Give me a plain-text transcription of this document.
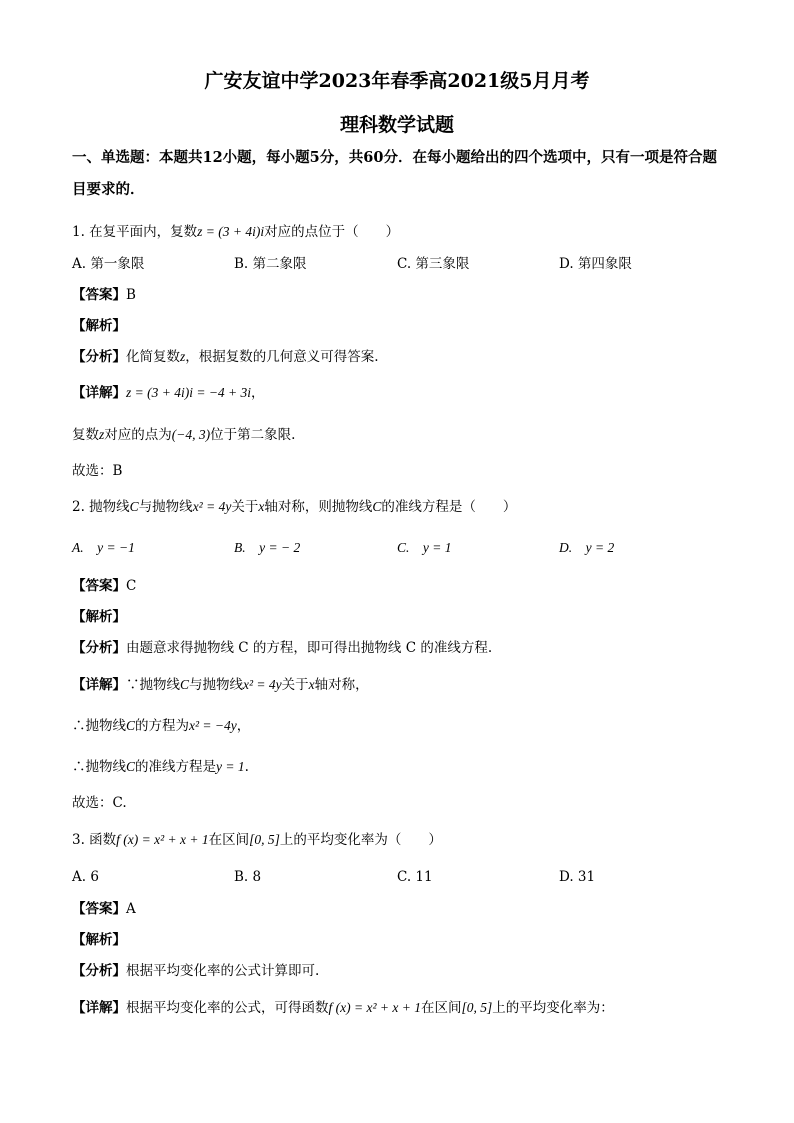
广安友谊中学2023年春季高2021级5月月考
理科数学试题
一、单选题：本题共12小题，每小题5分，共60分．在每小题给出的四个选项中，只有一项是符合题目要求的．
1. 在复平面内，复数z = (3 + 4i)i对应的点位于（　　）
A. 第一象限	B. 第二象限	C. 第三象限	D. 第四象限
【答案】B
【解析】
【分析】化简复数z，根据复数的几何意义可得答案.
【详解】z = (3 + 4i)i = −4 + 3i，
复数z对应的点为(−4, 3)位于第二象限.
故选：B
2. 抛物线C与抛物线x² = 4y关于x轴对称，则抛物线C的准线方程是（　　）
A.　y = −1	B.　y = − 2	C.　y = 1	D.　y = 2
【答案】C
【解析】
【分析】由题意求得抛物线 C 的方程，即可得出抛物线 C 的准线方程.
【详解】∵抛物线C与抛物线x² = 4y关于x轴对称，
∴抛物线C的方程为x² = −4y，
∴抛物线C的准线方程是y = 1.
故选：C.
3. 函数f (x) = x² + x + 1在区间[0, 5]上的平均变化率为（　　）
A. 6	B. 8	C. 11	D. 31
【答案】A
【解析】
【分析】根据平均变化率的公式计算即可.
【详解】根据平均变化率的公式，可得函数f (x) = x² + x + 1在区间[0, 5]上的平均变化率为：
